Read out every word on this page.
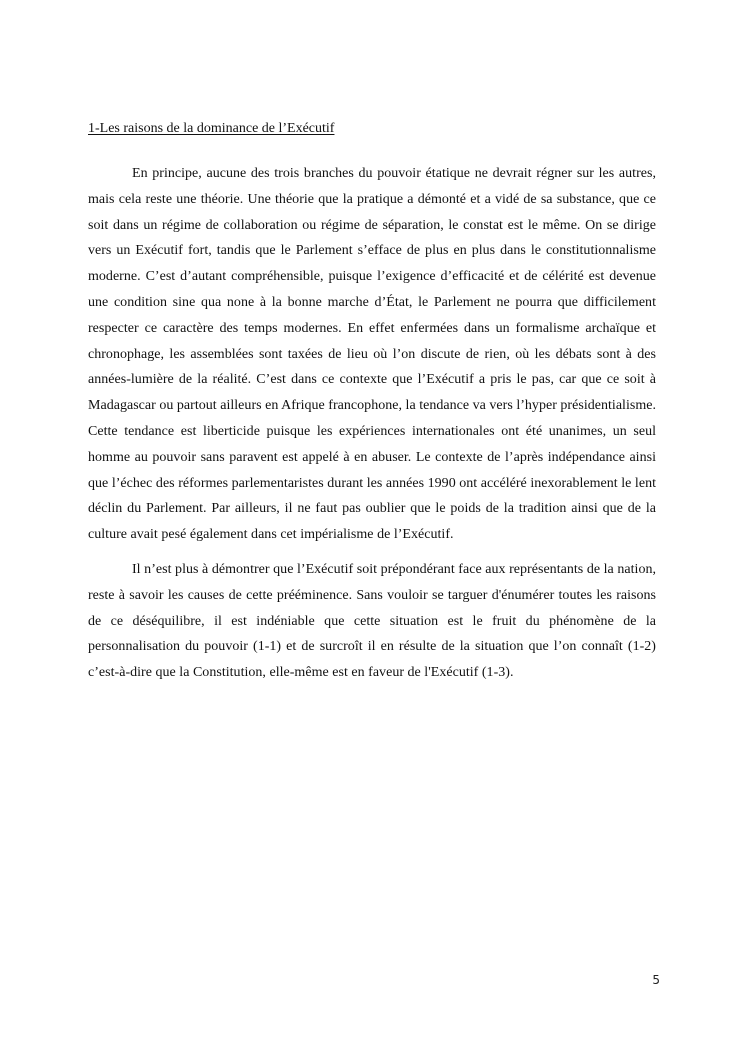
1-Les raisons de la dominance de l’Exécutif

En principe, aucune des trois branches du pouvoir étatique ne devrait régner sur les autres, mais cela reste une théorie. Une théorie que la pratique a démonté et a vidé de sa substance, que ce soit dans un régime de collaboration ou régime de séparation, le constat est le même. On se dirige vers un Exécutif fort, tandis que le Parlement s’efface de plus en plus dans le constitutionnalisme moderne. C’est d’autant compréhensible, puisque l’exigence d’efficacité et de célérité est devenue une condition sine qua none à la bonne marche d’État, le Parlement ne pourra que difficilement respecter ce caractère des temps modernes. En effet enfermées dans un formalisme archaïque et chronophage, les assemblées sont taxées de lieu où l’on discute de rien, où les débats sont à des années-lumière de la réalité. C’est dans ce contexte que l’Exécutif a pris le pas, car que ce soit à Madagascar ou partout ailleurs en Afrique francophone, la tendance va vers l’hyper présidentialisme. Cette tendance est liberticide puisque les expériences internationales ont été unanimes, un seul homme au pouvoir sans paravent est appelé à en abuser. Le contexte de l’après indépendance ainsi que l’échec des réformes parlementaristes durant les années 1990 ont accéléré inexorablement le lent déclin du Parlement. Par ailleurs, il ne faut pas oublier que le poids de la tradition ainsi que de la culture avait pesé également dans cet impérialisme de l’Exécutif.

Il n’est plus à démontrer que l’Exécutif soit prépondérant face aux représentants de la nation, reste à savoir les causes de cette prééminence. Sans vouloir se targuer d'énumérer toutes les raisons de ce déséquilibre, il est indéniable que cette situation est le fruit du phénomène de la personnalisation du pouvoir (1-1) et de surcroît il en résulte de la situation que l’on connaît (1-2) c’est-à-dire que la Constitution, elle-même est en faveur de l'Exécutif (1-3).

5
